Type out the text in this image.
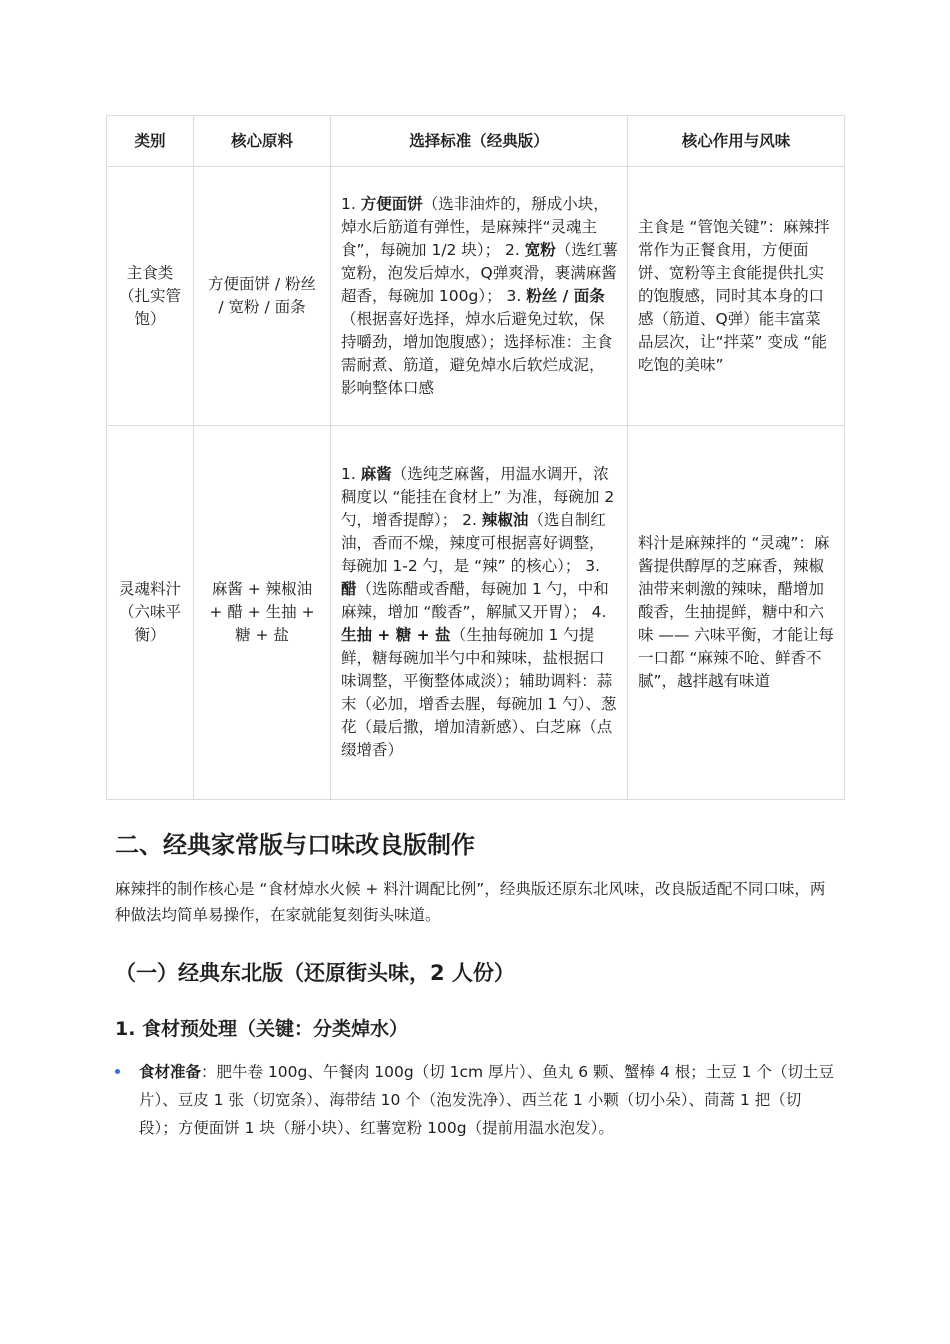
类别	核心原料	选择标准（经典版）	核心作用与风味
主食类（扎实管饱）	方便面饼 / 粉丝 / 宽粉 / 面条	1. 方便面饼（选非油炸的，掰成小块，焯水后筋道有弹性，是麻辣拌“灵魂主食”，每碗加 1/2 块）； 2. 宽粉（选红薯宽粉，泡发后焯水，Q弹爽滑，裹满麻酱超香，每碗加 100g）； 3. 粉丝 / 面条（根据喜好选择，焯水后避免过软，保持嚼劲，增加饱腹感）；选择标准：主食需耐煮、筋道，避免焯水后软烂成泥，影响整体口感	主食是 “管饱关键”：麻辣拌常作为正餐食用，方便面饼、宽粉等主食能提供扎实的饱腹感，同时其本身的口感（筋道、Q弹）能丰富菜品层次，让“拌菜” 变成 “能吃饱的美味”
灵魂料汁（六味平衡）	麻酱 + 辣椒油 + 醋 + 生抽 + 糖 + 盐	1. 麻酱（选纯芝麻酱，用温水调开，浓稠度以 “能挂在食材上” 为准，每碗加 2 勺，增香提醇）； 2. 辣椒油（选自制红油，香而不燥，辣度可根据喜好调整，每碗加 1-2 勺，是 “辣” 的核心）； 3. 醋（选陈醋或香醋，每碗加 1 勺，中和麻辣，增加 “酸香”，解腻又开胃）； 4. 生抽 + 糖 + 盐（生抽每碗加 1 勺提鲜，糖每碗加半勺中和辣味，盐根据口味调整，平衡整体咸淡）；辅助调料：蒜末（必加，增香去腥，每碗加 1 勺）、葱花（最后撒，增加清新感）、白芝麻（点缀增香）	料汁是麻辣拌的 “灵魂”：麻酱提供醇厚的芝麻香，辣椒油带来刺激的辣味，醋增加酸香，生抽提鲜，糖中和六味 —— 六味平衡，才能让每一口都 “麻辣不呛、鲜香不腻”，越拌越有味道
二、经典家常版与口味改良版制作

麻辣拌的制作核心是 “食材焯水火候 + 料汁调配比例”，经典版还原东北风味，改良版适配不同口味，两种做法均简单易操作，在家就能复刻街头味道。

（一）经典东北版（还原街头味，2 人份）
1. 食材预处理（关键：分类焯水）
食材准备：肥牛卷 100g、午餐肉 100g（切 1cm 厚片）、鱼丸 6 颗、蟹棒 4 根；土豆 1 个（切土豆片）、豆皮 1 张（切宽条）、海带结 10 个（泡发洗净）、西兰花 1 小颗（切小朵）、茼蒿 1 把（切段）；方便面饼 1 块（掰小块）、红薯宽粉 100g（提前用温水泡发）。
